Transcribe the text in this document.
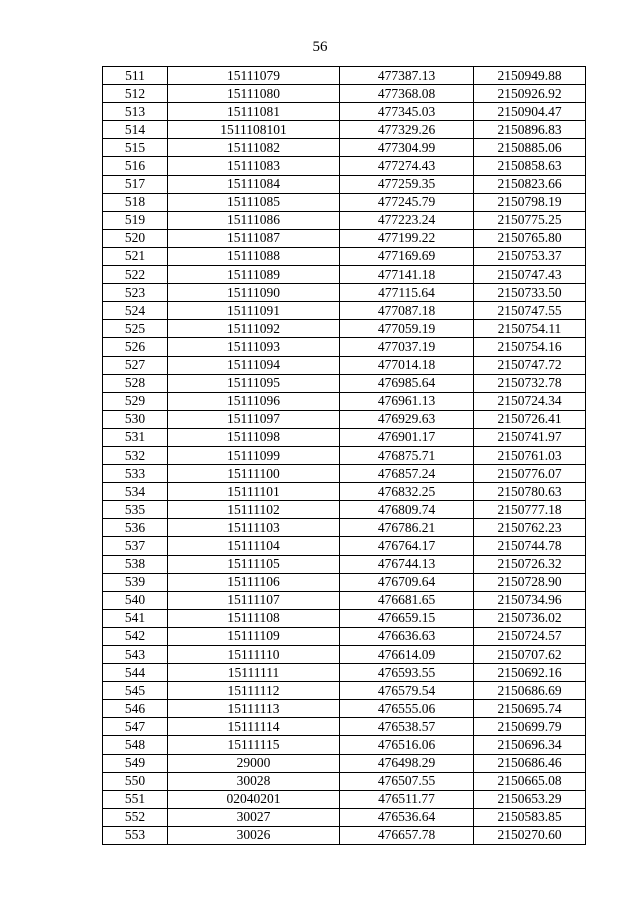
56
511	15111079	477387.13	2150949.88
512	15111080	477368.08	2150926.92
513	15111081	477345.03	2150904.47
514	1511108101	477329.26	2150896.83
515	15111082	477304.99	2150885.06
516	15111083	477274.43	2150858.63
517	15111084	477259.35	2150823.66
518	15111085	477245.79	2150798.19
519	15111086	477223.24	2150775.25
520	15111087	477199.22	2150765.80
521	15111088	477169.69	2150753.37
522	15111089	477141.18	2150747.43
523	15111090	477115.64	2150733.50
524	15111091	477087.18	2150747.55
525	15111092	477059.19	2150754.11
526	15111093	477037.19	2150754.16
527	15111094	477014.18	2150747.72
528	15111095	476985.64	2150732.78
529	15111096	476961.13	2150724.34
530	15111097	476929.63	2150726.41
531	15111098	476901.17	2150741.97
532	15111099	476875.71	2150761.03
533	15111100	476857.24	2150776.07
534	15111101	476832.25	2150780.63
535	15111102	476809.74	2150777.18
536	15111103	476786.21	2150762.23
537	15111104	476764.17	2150744.78
538	15111105	476744.13	2150726.32
539	15111106	476709.64	2150728.90
540	15111107	476681.65	2150734.96
541	15111108	476659.15	2150736.02
542	15111109	476636.63	2150724.57
543	15111110	476614.09	2150707.62
544	15111111	476593.55	2150692.16
545	15111112	476579.54	2150686.69
546	15111113	476555.06	2150695.74
547	15111114	476538.57	2150699.79
548	15111115	476516.06	2150696.34
549	29000	476498.29	2150686.46
550	30028	476507.55	2150665.08
551	02040201	476511.77	2150653.29
552	30027	476536.64	2150583.85
553	30026	476657.78	2150270.60
